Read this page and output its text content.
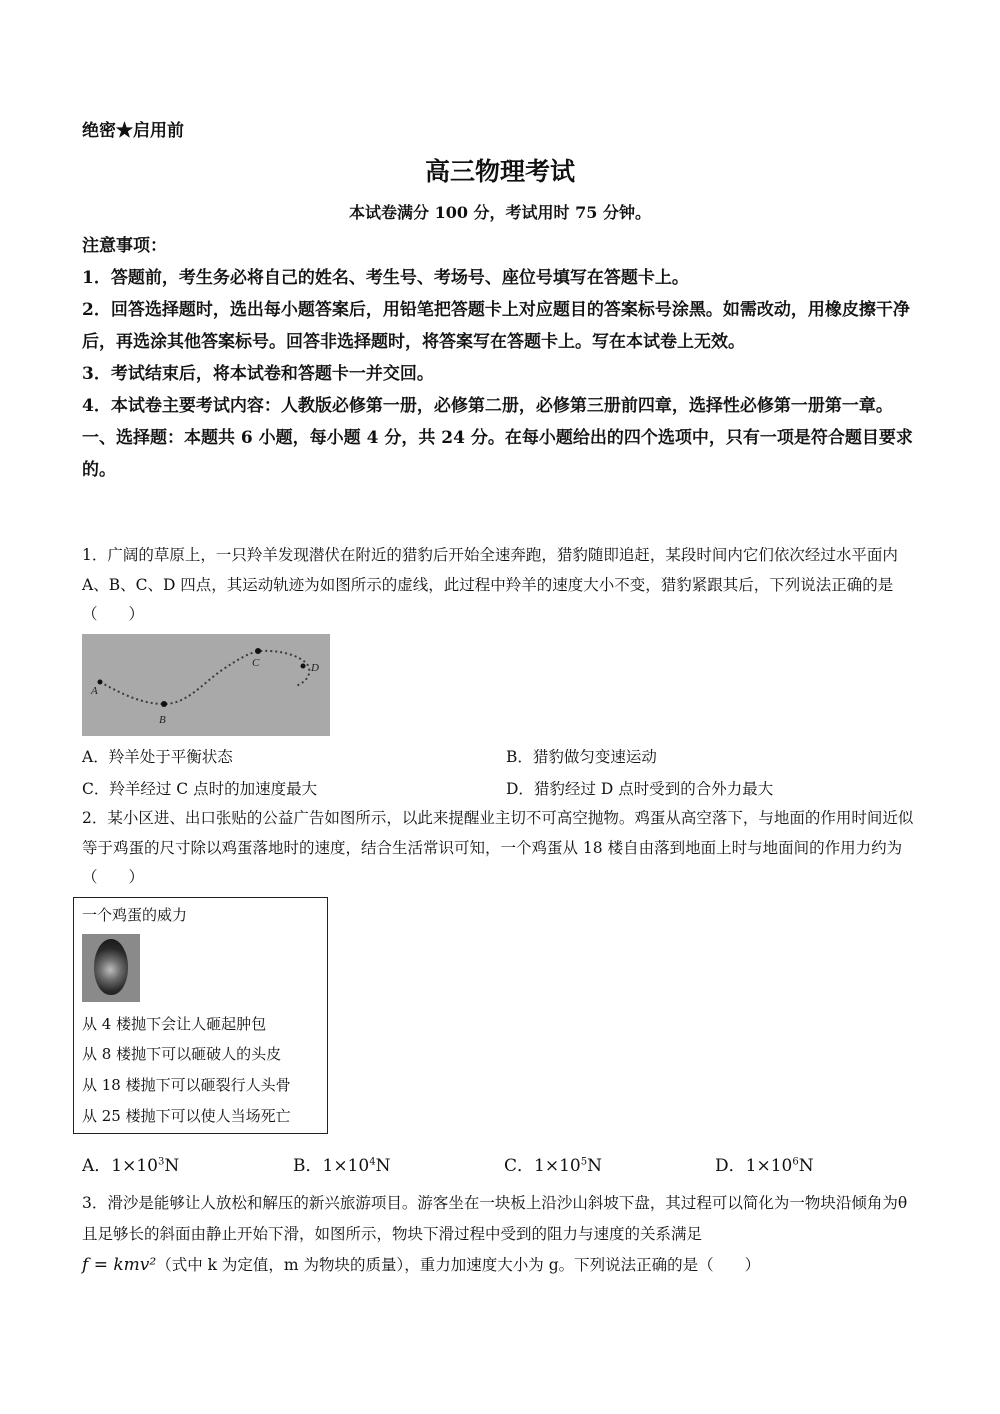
绝密★启用前
高三物理考试
本试卷满分 100 分，考试用时 75 分钟。
注意事项：
1．答题前，考生务必将自己的姓名、考生号、考场号、座位号填写在答题卡上。
2．回答选择题时，选出每小题答案后，用铅笔把答题卡上对应题目的答案标号涂黑。如需改动，用橡皮擦干净后，再选涂其他答案标号。回答非选择题时，将答案写在答题卡上。写在本试卷上无效。
3．考试结束后，将本试卷和答题卡一并交回。
4．本试卷主要考试内容：人教版必修第一册，必修第二册，必修第三册前四章，选择性必修第一册第一章。
一、选择题：本题共 6 小题，每小题 4 分，共 24 分。在每小题给出的四个选项中，只有一项是符合题目要求的。
1．广阔的草原上，一只羚羊发现潜伏在附近的猎豹后开始全速奔跑，猎豹随即追赶，某段时间内它们依次经过水平面内 A、B、C、D 四点，其运动轨迹为如图所示的虚线，此过程中羚羊的速度大小不变，猎豹紧跟其后，下列说法正确的是（　　）
A
B
C	D
A．羚羊处于平衡状态	B．猎豹做匀变速运动
C．羚羊经过 C 点时的加速度最大	D．猎豹经过 D 点时受到的合外力最大
2．某小区进、出口张贴的公益广告如图所示，以此来提醒业主切不可高空抛物。鸡蛋从高空落下，与地面的作用时间近似等于鸡蛋的尺寸除以鸡蛋落地时的速度，结合生活常识可知，一个鸡蛋从 18 楼自由落到地面上时与地面间的作用力约为（　　）
一个鸡蛋的威力
从 4 楼抛下会让人砸起肿包
从 8 楼抛下可以砸破人的头皮
从 18 楼抛下可以砸裂行人头骨
从 25 楼抛下可以使人当场死亡
A．$1\times 10^3N$	B．$1\times 10^4N$	C．$1\times 10^5N$	D．$1\times 10^6N$
3．滑沙是能够让人放松和解压的新兴旅游项目。游客坐在一块板上沿沙山斜坡下盘，其过程可以简化为一物块沿倾角为θ且足够长的斜面由静止开始下滑，如图所示，物块下滑过程中受到的阻力与速度的关系满足
f = kmv²（式中 k 为定值，m 为物块的质量），重力加速度大小为 g。下列说法正确的是（　　）
